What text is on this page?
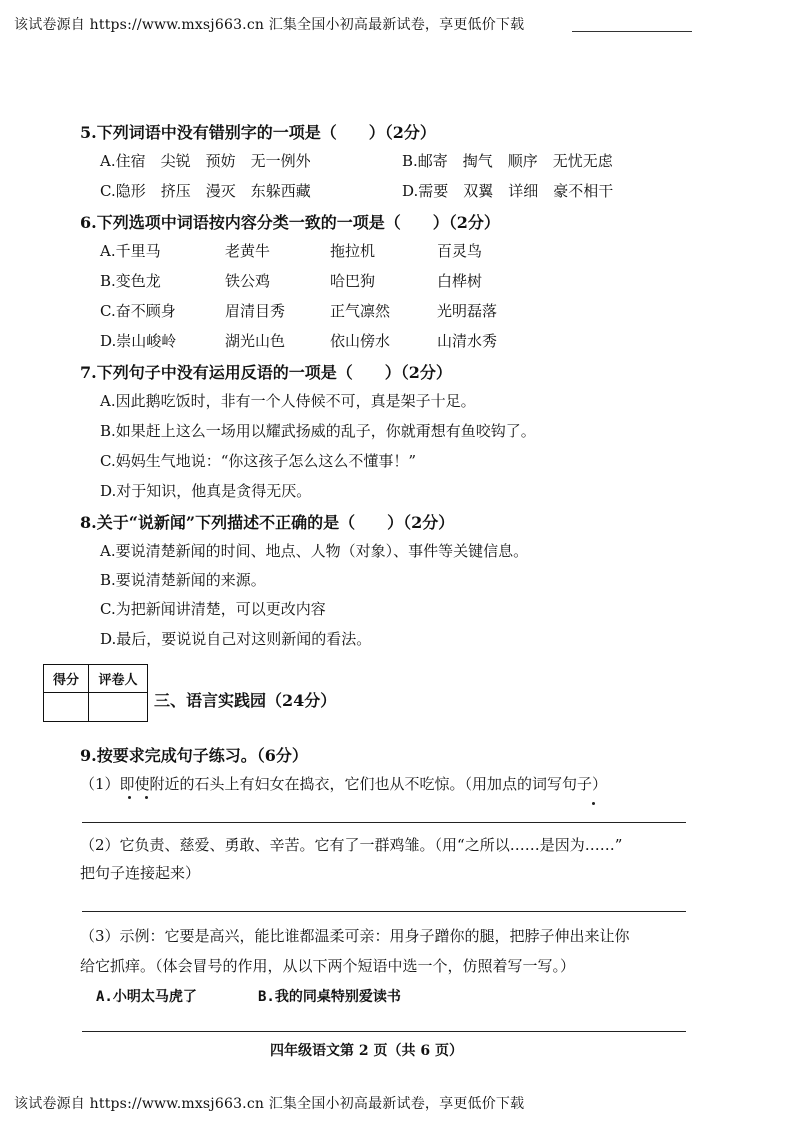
该试卷源自 https://www.mxsj663.cn 汇集全国小初高最新试卷，享更低价下载
5.下列词语中没有错别字的一项是（　　）（2分）
A.住宿　尖锐　预妨　无一例外	B.邮寄　掏气　顺序　无忧无虑
C.隐形　挤压　漫灭　东躲西藏	D.需要　双翼　详细　豪不相干
6.下列选项中词语按内容分类一致的一项是（　　）（2分）
A.千里马	老黄牛	拖拉机	百灵鸟
B.变色龙	铁公鸡	哈巴狗	白桦树
C.奋不顾身	眉清目秀	正气凛然	光明磊落
D.崇山峻岭	湖光山色	依山傍水	山清水秀
7.下列句子中没有运用反语的一项是（　　）（2分）
A.因此鹅吃饭时，非有一个人侍候不可，真是架子十足。
B.如果赶上这么一场用以耀武扬威的乱子，你就甭想有鱼咬钩了。
C.妈妈生气地说：“你这孩子怎么这么不懂事！”
D.对于知识，他真是贪得无厌。
8.关于“说新闻”下列描述不正确的是（　　）（2分）
A.要说清楚新闻的时间、地点、人物（对象）、事件等关键信息。
B.要说清楚新闻的来源。
C.为把新闻讲清楚，可以更改内容
D.最后，要说说自己对这则新闻的看法。
得分	评卷人

三、语言实践园（24分）
9.按要求完成句子练习。（6分）
（1）即使附近的石头上有妇女在捣衣，它们也从不吃惊。（用加点的词写句子）
（2）它负责、慈爱、勇敢、辛苦。它有了一群鸡雏。（用“之所以……是因为……”
把句子连接起来）
（3）示例：它要是高兴，能比谁都温柔可亲：用身子蹭你的腿，把脖子伸出来让你
给它抓痒。（体会冒号的作用，从以下两个短语中选一个，仿照着写一写。）
A.小明太马虎了	B.我的同桌特别爱读书
四年级语文第 2 页（共 6 页）
该试卷源自 https://www.mxsj663.cn 汇集全国小初高最新试卷，享更低价下载
